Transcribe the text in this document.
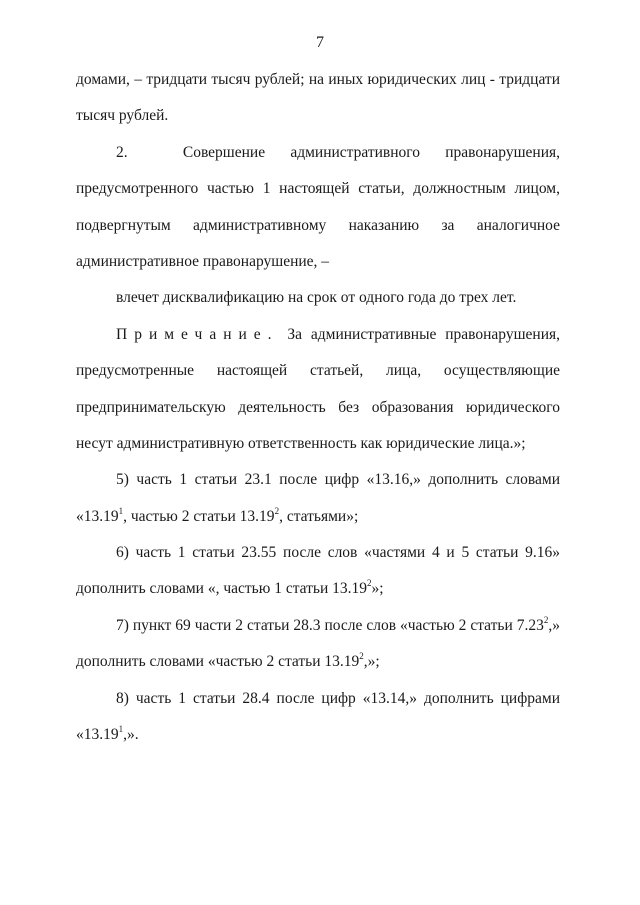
7
домами, – тридцати тысяч рублей; на иных юридических лиц - тридцати
тысяч рублей.
2.	Совершение административного правонарушения,
предусмотренного частью 1 настоящей статьи, должностным лицом,
подвергнутым административному наказанию за аналогичное
административное правонарушение, –
влечет дисквалификацию на срок от одного года до трех лет.
Примечание. За административные правонарушения,
предусмотренные настоящей статьей, лица, осуществляющие
предпринимательскую деятельность без образования юридического
несут административную ответственность как юридические лица.»;
5) часть 1 статьи 23.1 после цифр «13.16,» дополнить словами
«13.19$^1$, частью 2 статьи 13.19$^2$, статьями»;
6) часть 1 статьи 23.55 после слов «частями 4 и 5 статьи 9.16»
дополнить словами «, частью 1 статьи 13.19$^2$»;
7) пункт 69 части 2 статьи 28.3 после слов «частью 2 статьи 7.23$^2$,»
дополнить словами «частью 2 статьи 13.19$^2$,»;
8) часть 1 статьи 28.4 после цифр «13.14,» дополнить цифрами
«13.19$^1$,».
